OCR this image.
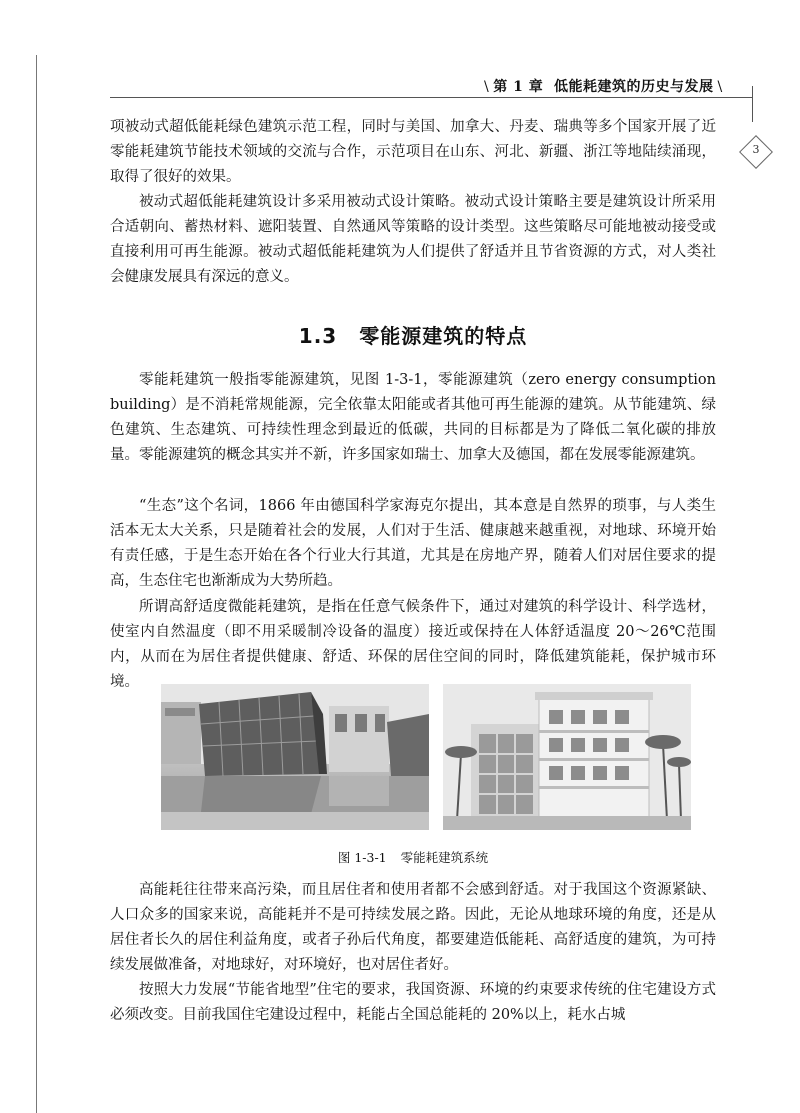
\ 第 1 章 低能耗建筑的历史与发展 \
3

项被动式超低能耗绿色建筑示范工程，同时与美国、加拿大、丹麦、瑞典等多个国家开展了近零能耗建筑节能技术领域的交流与合作，示范项目在山东、河北、新疆、浙江等地陆续涌现，取得了很好的效果。

被动式超低能耗建筑设计多采用被动式设计策略。被动式设计策略主要是建筑设计所采用合适朝向、蓄热材料、遮阳装置、自然通风等策略的设计类型。这些策略尽可能地被动接受或直接利用可再生能源。被动式超低能耗建筑为人们提供了舒适并且节省资源的方式，对人类社会健康发展具有深远的意义。

1.3 零能源建筑的特点

零能耗建筑一般指零能源建筑，见图 1-3-1，零能源建筑（zero energy consumption building）是不消耗常规能源，完全依靠太阳能或者其他可再生能源的建筑。从节能建筑、绿色建筑、生态建筑、可持续性理念到最近的低碳，共同的目标都是为了降低二氧化碳的排放量。零能源建筑的概念其实并不新，许多国家如瑞士、加拿大及德国，都在发展零能源建筑。

“生态”这个名词，1866 年由德国科学家海克尔提出，其本意是自然界的琐事，与人类生活本无太大关系，只是随着社会的发展，人们对于生活、健康越来越重视，对地球、环境开始有责任感，于是生态开始在各个行业大行其道，尤其是在房地产界，随着人们对居住要求的提高，生态住宅也渐渐成为大势所趋。

所谓高舒适度微能耗建筑，是指在任意气候条件下，通过对建筑的科学设计、科学选材，使室内自然温度（即不用采暖制冷设备的温度）接近或保持在人体舒适温度 20～26℃范围内，从而在为居住者提供健康、舒适、环保的居住空间的同时，降低建筑能耗，保护城市环境。

图 1-3-1 零能耗建筑系统

高能耗往往带来高污染，而且居住者和使用者都不会感到舒适。对于我国这个资源紧缺、人口众多的国家来说，高能耗并不是可持续发展之路。因此，无论从地球环境的角度，还是从居住者长久的居住利益角度，或者子孙后代角度，都要建造低能耗、高舒适度的建筑，为可持续发展做准备，对地球好，对环境好，也对居住者好。

按照大力发展“节能省地型”住宅的要求，我国资源、环境的约束要求传统的住宅建设方式必须改变。目前我国住宅建设过程中，耗能占全国总能耗的 20%以上，耗水占城
